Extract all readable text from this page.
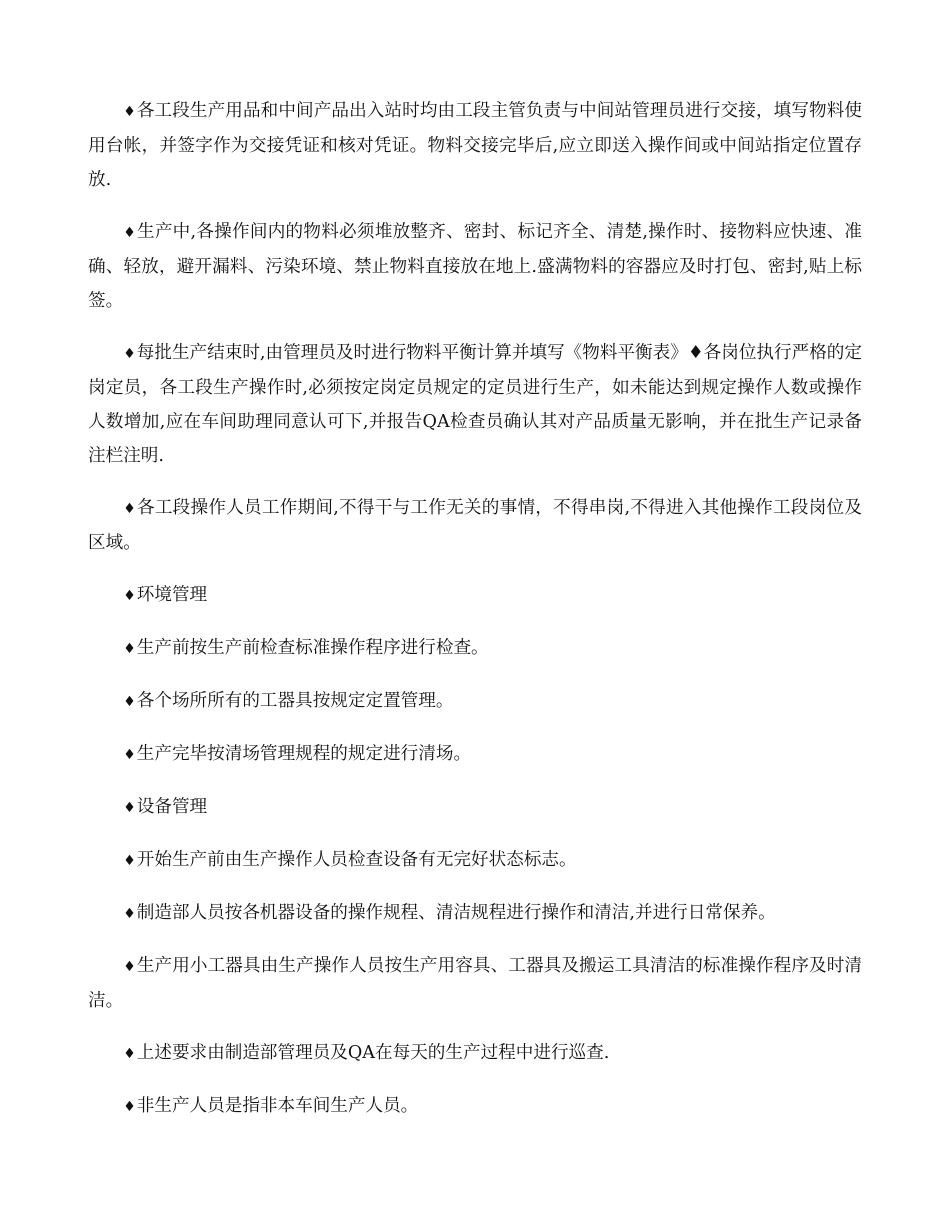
♦各工段生产用品和中间产品出入站时均由工段主管负责与中间站管理员进行交接，填写物料使用台帐，并签字作为交接凭证和核对凭证。物料交接完毕后,应立即送入操作间或中间站指定位置存放.

♦生产中,各操作间内的物料必须堆放整齐、密封、标记齐全、清楚,操作时、接物料应快速、准确、轻放，避开漏料、污染环境、禁止物料直接放在地上.盛满物料的容器应及时打包、密封,贴上标签。

♦每批生产结束时,由管理员及时进行物料平衡计算并填写《物料平衡表》♦各岗位执行严格的定岗定员，各工段生产操作时,必须按定岗定员规定的定员进行生产，如未能达到规定操作人数或操作人数增加,应在车间助理同意认可下,并报告QA检查员确认其对产品质量无影响，并在批生产记录备注栏注明.

♦各工段操作人员工作期间,不得干与工作无关的事情，不得串岗,不得进入其他操作工段岗位及区域。

♦环境管理

♦生产前按生产前检查标准操作程序进行检查。

♦各个场所所有的工器具按规定定置管理。

♦生产完毕按清场管理规程的规定进行清场。

♦设备管理

♦开始生产前由生产操作人员检查设备有无完好状态标志。

♦制造部人员按各机器设备的操作规程、清洁规程进行操作和清洁,并进行日常保养。

♦生产用小工器具由生产操作人员按生产用容具、工器具及搬运工具清洁的标准操作程序及时清洁。

♦上述要求由制造部管理员及QA在每天的生产过程中进行巡查.

♦非生产人员是指非本车间生产人员。
